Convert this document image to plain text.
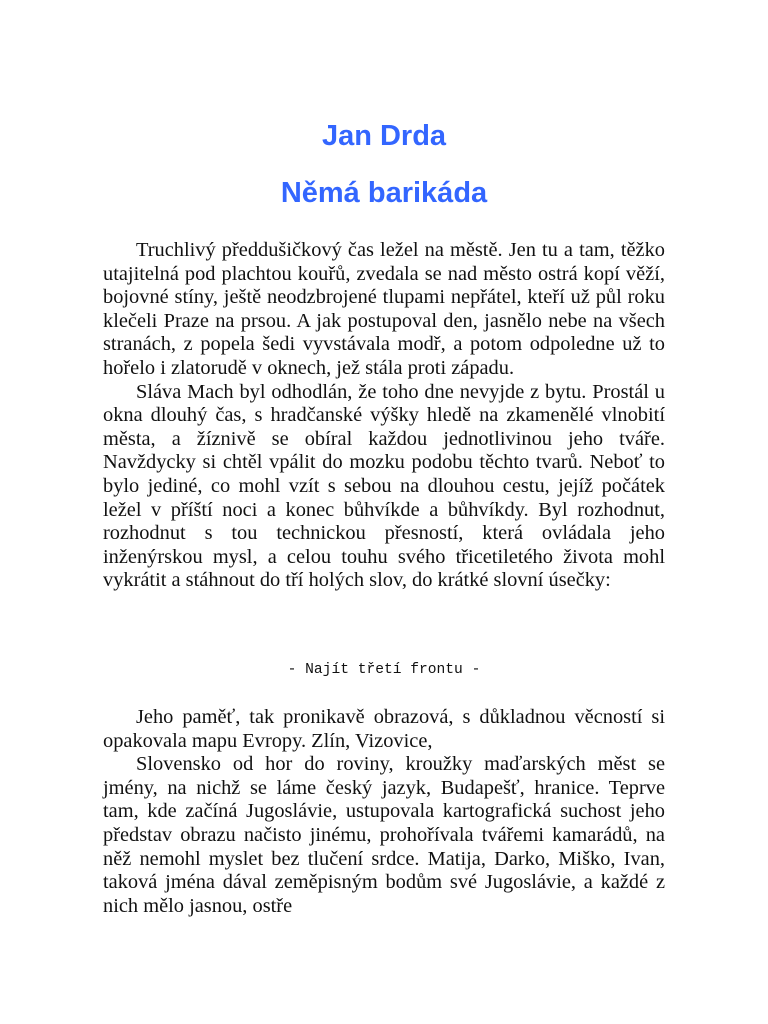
Jan Drda
Němá barikáda

Truchlivý předdušičkový čas ležel na městě. Jen tu a tam, těžko utajitelná pod plachtou kouřů, zvedala se nad město ostrá kopí věží, bojovné stíny, ještě neodzbrojené tlupami nepřátel, kteří už půl roku klečeli Praze na prsou. A jak postupoval den, jasnělo nebe na všech stranách, z popela šedi vyvstávala modř, a potom odpoledne už to hořelo i zlatorudě v oknech, jež stála proti západu.

Sláva Mach byl odhodlán, že toho dne nevyjde z bytu. Prostál u okna dlouhý čas, s hradčanské výšky hledě na zkamenělé vlnobití města, a žíznivě se obíral každou jednotlivinou jeho tváře. Navždycky si chtěl vpálit do mozku podobu těchto tvarů. Neboť to bylo jediné, co mohl vzít s sebou na dlouhou cestu, jejíž počátek ležel v příští noci a konec bůhvíkde a bůhvíkdy. Byl rozhodnut, rozhodnut s tou technickou přesností, která ovládala jeho inženýrskou mysl, a celou touhu svého třicetiletého života mohl vykrátit a stáhnout do tří holých slov, do krátké slovní úsečky:

- Najít třetí frontu -

Jeho paměť, tak pronikavě obrazová, s důkladnou věcností si opakovala mapu Evropy. Zlín, Vizovice,

Slovensko od hor do roviny, kroužky maďarských měst se jmény, na nichž se láme český jazyk, Budapešť, hranice. Teprve tam, kde začíná Jugoslávie, ustupovala kartografická suchost jeho představ obrazu načisto jinému, prohořívala tvářemi kamarádů, na něž nemohl myslet bez tlučení srdce. Matija, Darko, Miško, Ivan, taková jména dával zeměpisným bodům své Jugoslávie, a každé z nich mělo jasnou, ostře
